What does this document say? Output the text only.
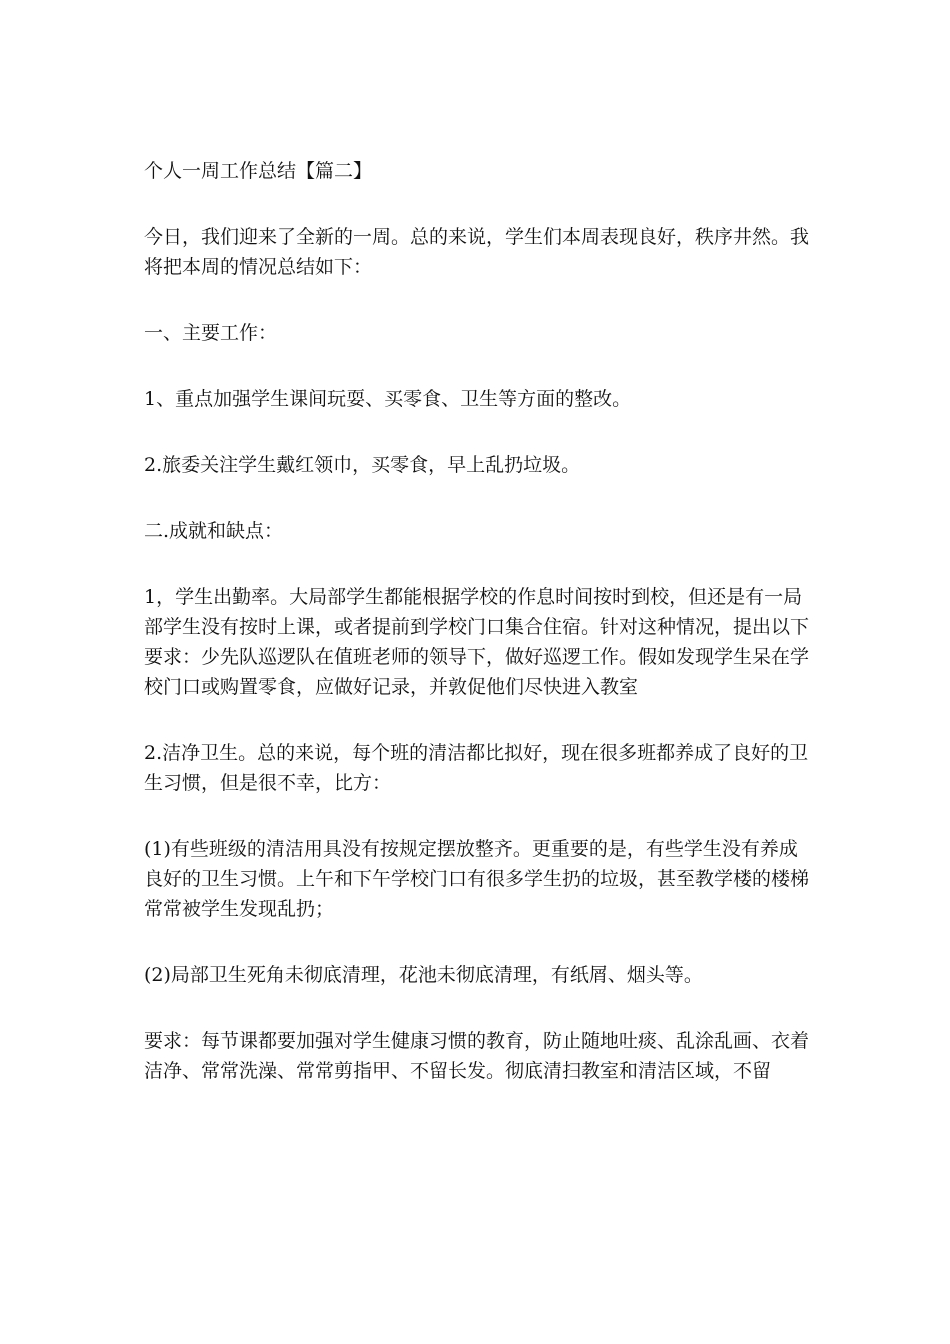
个人一周工作总结【篇二】

今日，我们迎来了全新的一周。总的来说，学生们本周表现良好，秩序井然。我将把本周的情况总结如下：

一、主要工作：

1、重点加强学生课间玩耍、买零食、卫生等方面的整改。

2.旅委关注学生戴红领巾，买零食，早上乱扔垃圾。

二.成就和缺点：

1，学生出勤率。大局部学生都能根据学校的作息时间按时到校，但还是有一局部学生没有按时上课，或者提前到学校门口集合住宿。针对这种情况，提出以下要求：少先队巡逻队在值班老师的领导下，做好巡逻工作。假如发现学生呆在学校门口或购置零食，应做好记录，并敦促他们尽快进入教室

2.洁净卫生。总的来说，每个班的清洁都比拟好，现在很多班都养成了良好的卫生习惯，但是很不幸，比方：

(1)有些班级的清洁用具没有按规定摆放整齐。更重要的是，有些学生没有养成良好的卫生习惯。上午和下午学校门口有很多学生扔的垃圾，甚至教学楼的楼梯常常被学生发现乱扔；

(2)局部卫生死角未彻底清理，花池未彻底清理，有纸屑、烟头等。

要求：每节课都要加强对学生健康习惯的教育，防止随地吐痰、乱涂乱画、衣着洁净、常常洗澡、常常剪指甲、不留长发。彻底清扫教室和清洁区域，不留
